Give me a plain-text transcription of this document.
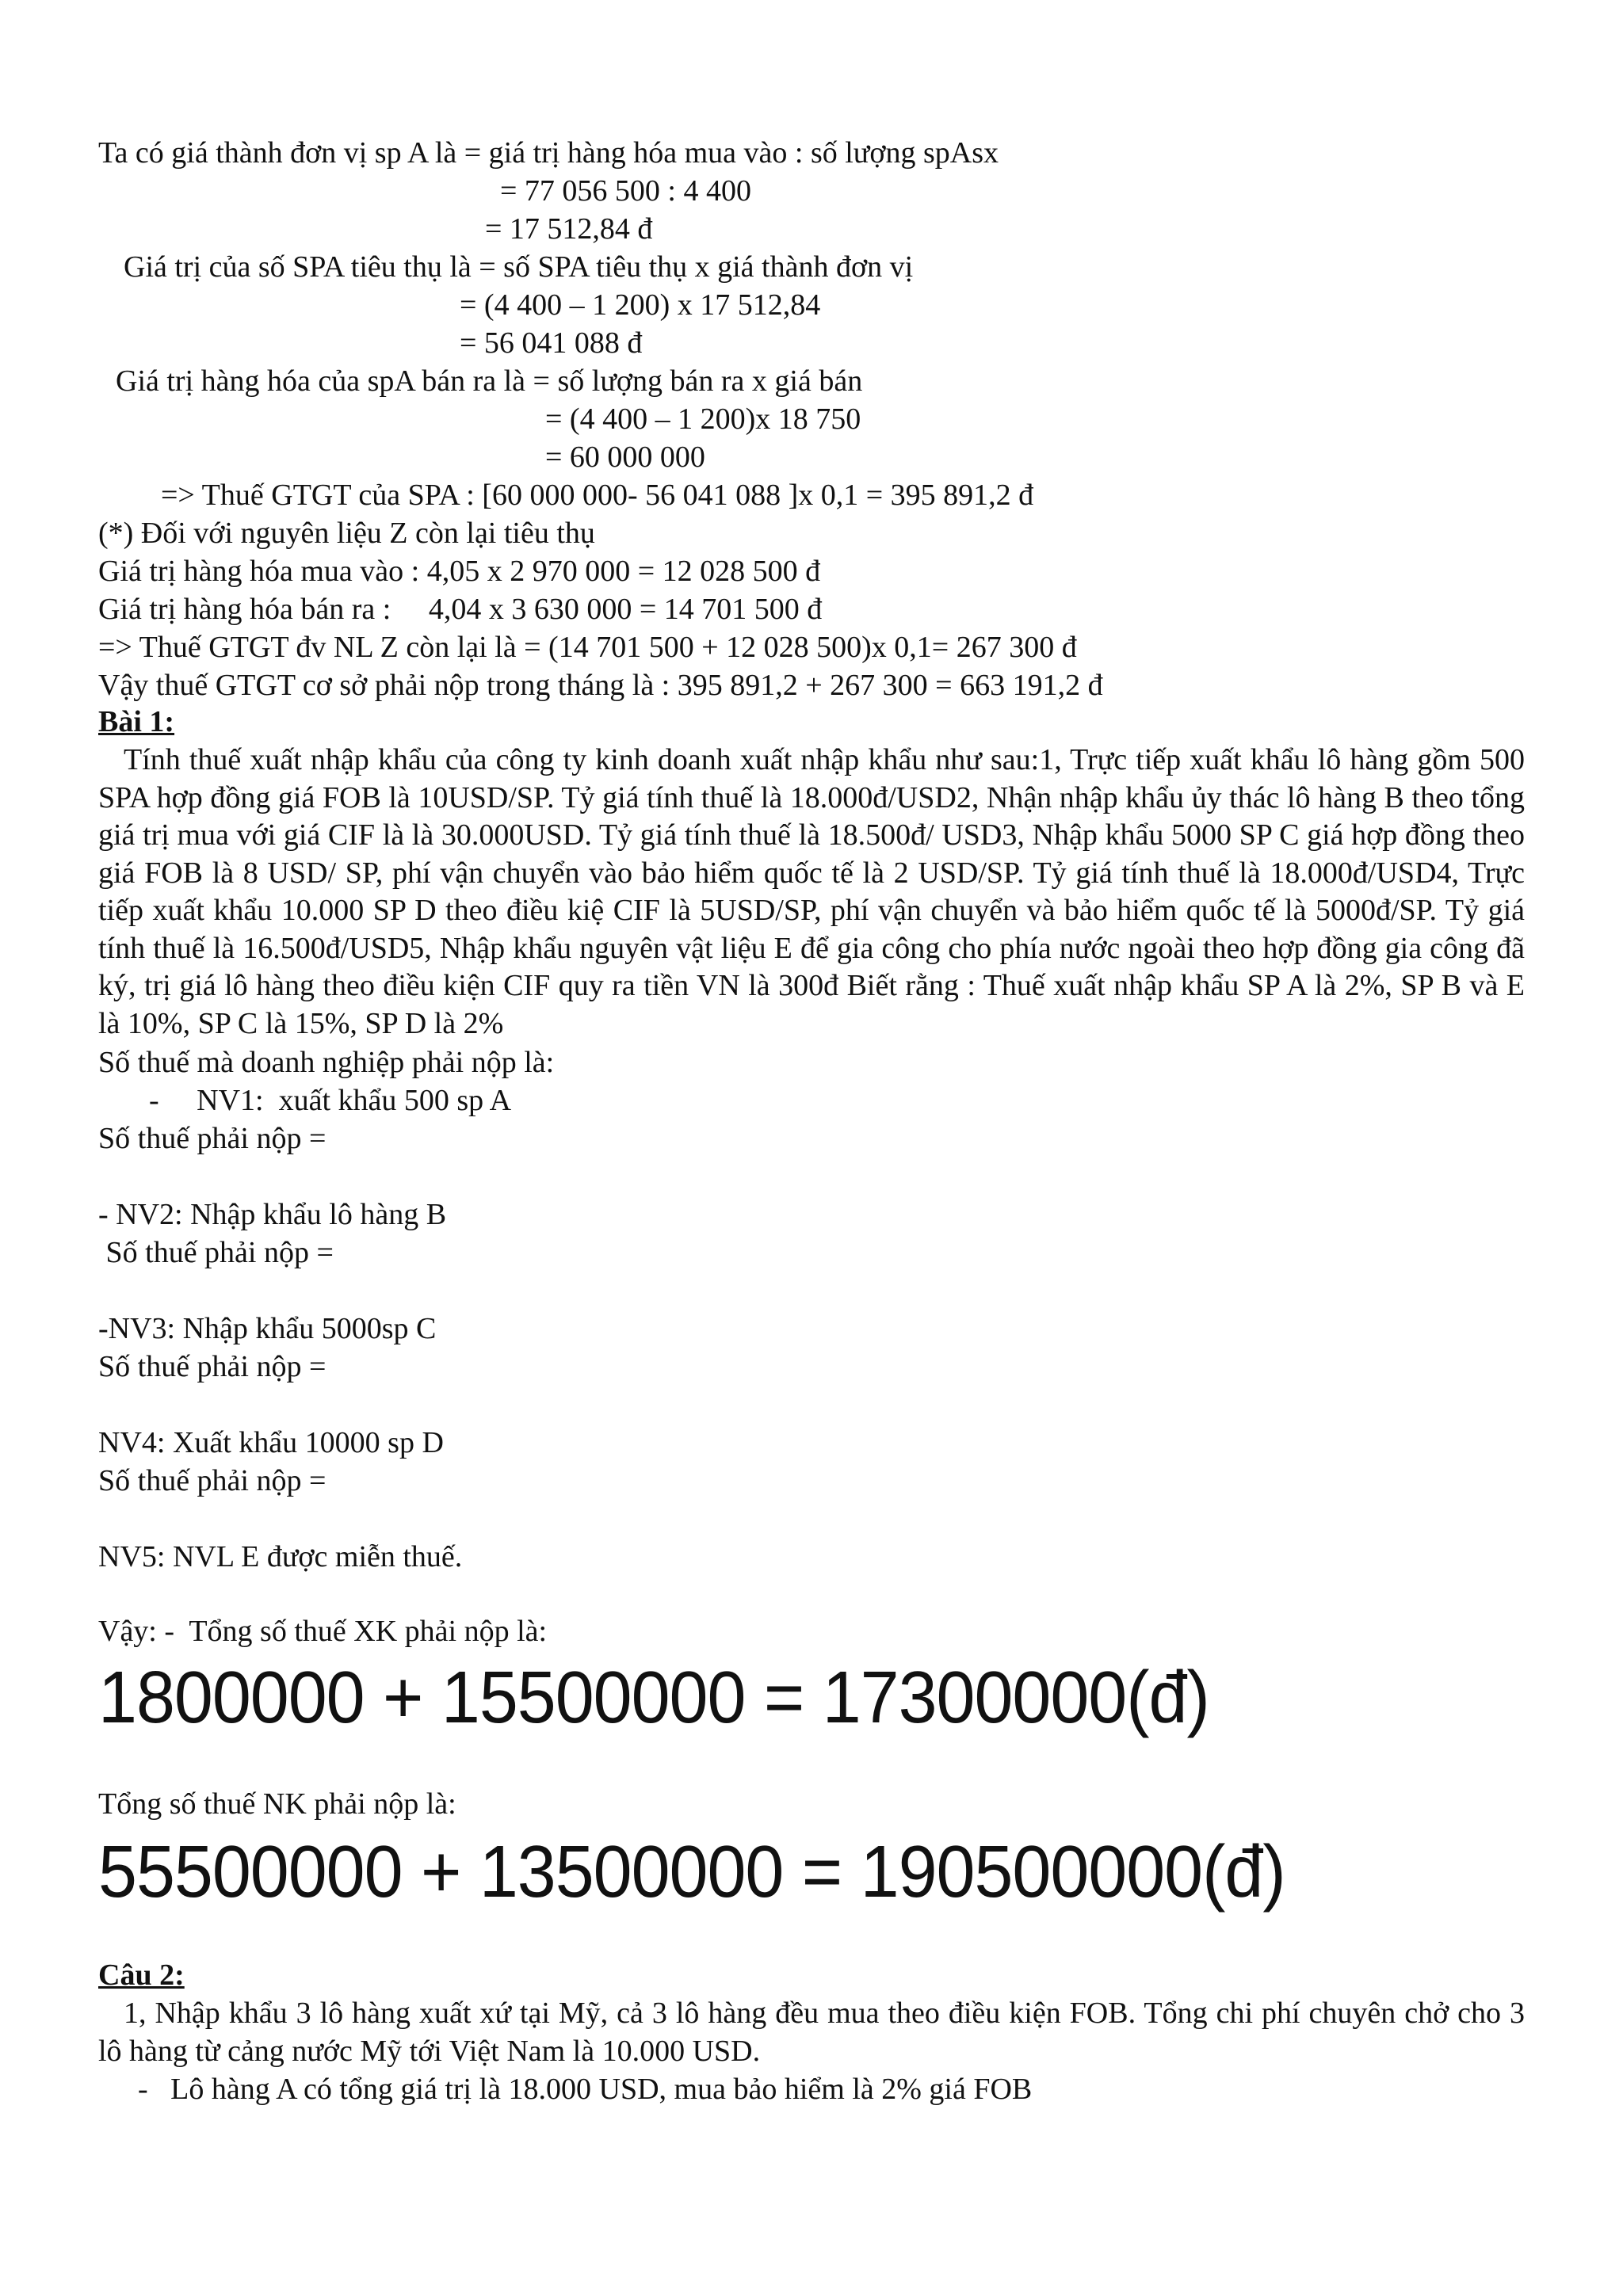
Ta có giá thành đơn vị sp A là = giá trị hàng hóa mua vào : số lượng spAsx
= 77 056 500 : 4 400
= 17 512,84 đ
Giá trị của số SPA tiêu thụ là = số SPA tiêu thụ x giá thành đơn vị
= (4 400 – 1 200) x 17 512,84
= 56 041 088 đ
Giá trị hàng hóa của spA bán ra là = số lượng bán ra x giá bán
= (4 400 – 1 200)x 18 750
= 60 000 000
=> Thuế GTGT của SPA : [60 000 000- 56 041 088 ]x 0,1 = 395 891,2 đ
(*) Đối với nguyên liệu Z còn lại tiêu thụ
Giá trị hàng hóa mua vào : 4,05 x 2 970 000 = 12 028 500 đ
Giá trị hàng hóa bán ra :     4,04 x 3 630 000 = 14 701 500 đ
=> Thuế GTGT đv NL Z còn lại là = (14 701 500 + 12 028 500)x 0,1= 267 300 đ
Vậy thuế GTGT cơ sở phải nộp trong tháng là : 395 891,2 + 267 300 = 663 191,2 đ
Bài 1:
Tính thuế xuất nhập khẩu của công ty kinh doanh xuất nhập khẩu như sau:1, Trực tiếp xuất khẩu lô hàng gồm 500 SPA hợp đồng giá FOB là 10USD/SP. Tỷ giá tính thuế là 18.000đ/USD2, Nhận nhập khẩu ủy thác lô hàng B theo tổng giá trị mua với giá CIF là là 30.000USD. Tỷ giá tính thuế là 18.500đ/ USD3, Nhập khẩu 5000 SP C giá hợp đồng theo giá FOB là 8 USD/ SP, phí vận chuyển vào bảo hiểm quốc tế là 2 USD/SP. Tỷ giá tính thuế là 18.000đ/USD4, Trực tiếp xuất khẩu 10.000 SP D theo điều kiệ CIF là 5USD/SP, phí vận chuyển và bảo hiểm quốc tế là 5000đ/SP. Tỷ giá tính thuế là 16.500đ/USD5, Nhập khẩu nguyên vật liệu E để gia công cho phía nước ngoài theo hợp đồng gia công đã ký, trị giá lô hàng theo điều kiện CIF quy ra tiền VN là 300đ Biết rằng : Thuế xuất nhập khẩu SP A là 2%, SP B và E là 10%, SP C là 15%, SP D là 2%
Số thuế mà doanh nghiệp phải nộp là:
-     NV1:  xuất khẩu 500 sp A
Số thuế phải nộp =
- NV2: Nhập khẩu lô hàng B
Số thuế phải nộp =
-NV3: Nhập khẩu 5000sp C
Số thuế phải nộp =
NV4: Xuất khẩu 10000 sp D
Số thuế phải nộp =
NV5: NVL E được miễn thuế.
Vậy: -  Tổng số thuế XK phải nộp là:
1800000 + 15500000 = 17300000(đ)
Tổng số thuế NK phải nộp là:
55500000 + 13500000 = 190500000(đ)
Câu 2:
1, Nhập khẩu 3 lô hàng xuất xứ tại Mỹ, cả 3 lô hàng đều mua theo điều kiện FOB. Tổng chi phí chuyên chở cho 3 lô hàng từ cảng nước Mỹ tới Việt Nam là 10.000 USD.
-   Lô hàng A có tổng giá trị là 18.000 USD, mua bảo hiểm là 2% giá FOB
